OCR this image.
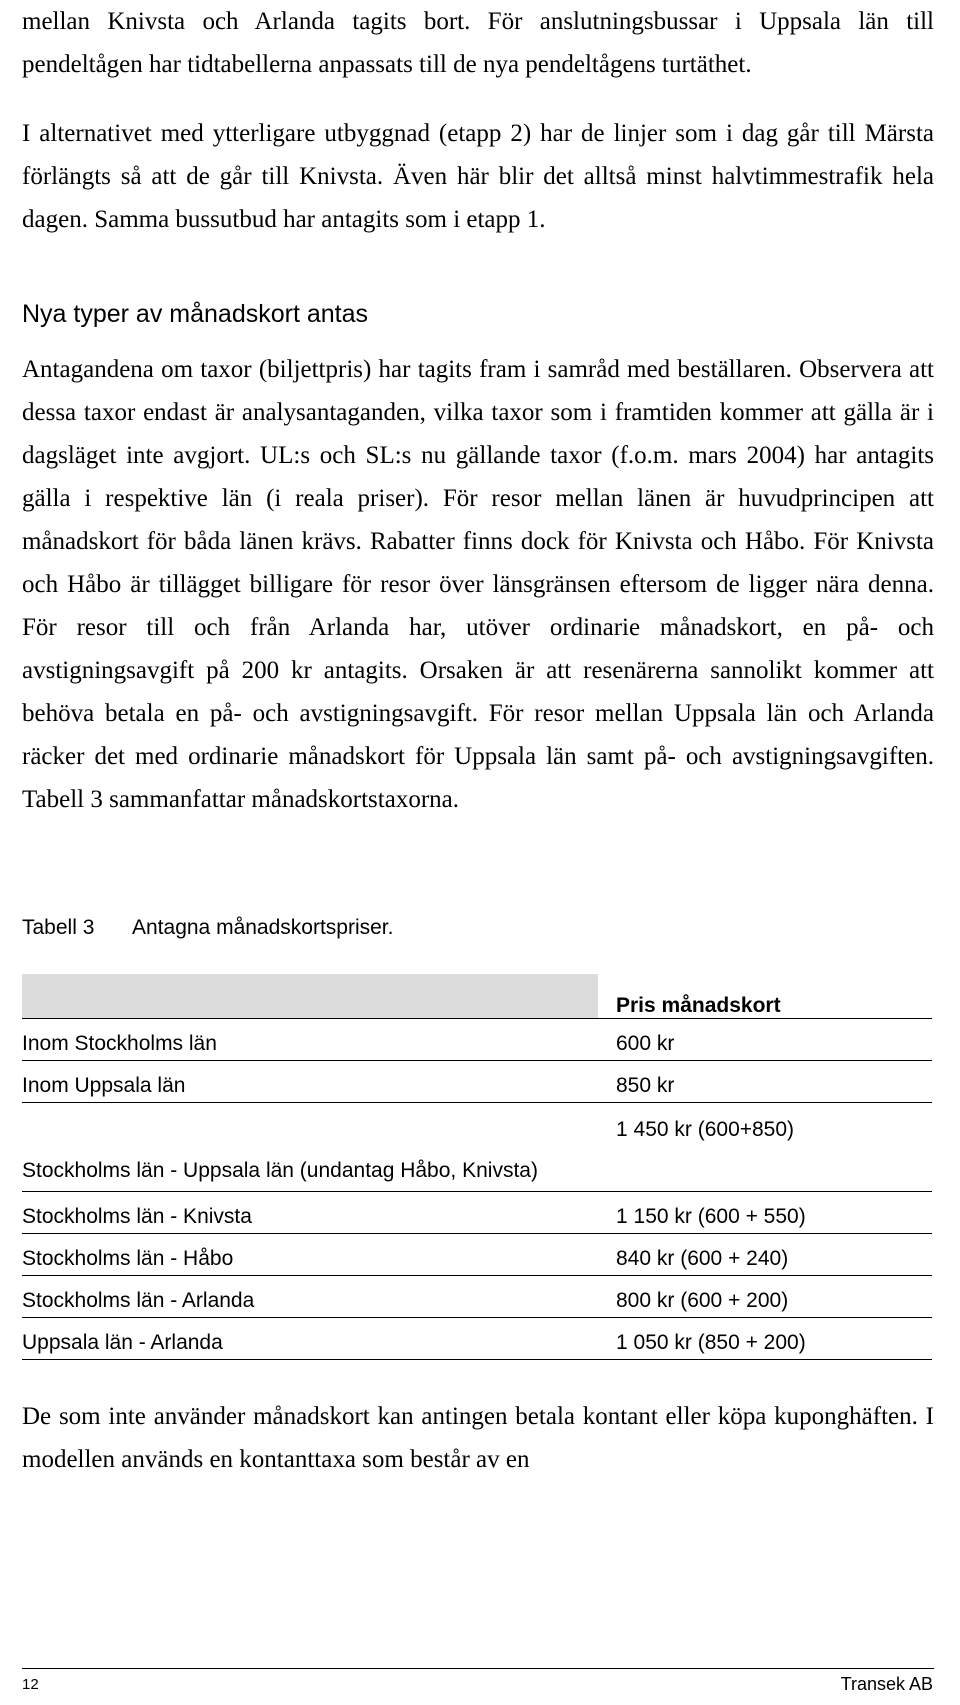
mellan Knivsta och Arlanda tagits bort. För anslutningsbussar i Uppsala län till pendeltågen har tidtabellerna anpassats till de nya pendeltågens turtäthet.

I alternativet med ytterligare utbyggnad (etapp 2) har de linjer som i dag går till Märsta förlängts så att de går till Knivsta. Även här blir det alltså minst halvtimmestrafik hela dagen. Samma bussutbud har antagits som i etapp 1.

Nya typer av månadskort antas

Antagandena om taxor (biljettpris) har tagits fram i samråd med beställaren. Observera att dessa taxor endast är analysantaganden, vilka taxor som i framtiden kommer att gälla är i dagsläget inte avgjort. UL:s och SL:s nu gällande taxor (f.o.m. mars 2004) har antagits gälla i respektive län (i reala priser). För resor mellan länen är huvudprincipen att månadskort för båda länen krävs. Rabatter finns dock för Knivsta och Håbo. För Knivsta och Håbo är tillägget billigare för resor över länsgränsen eftersom de ligger nära denna. För resor till och från Arlanda har, utöver ordinarie månadskort, en på- och avstigningsavgift på 200 kr antagits. Orsaken är att resenärerna sannolikt kommer att behöva betala en på- och avstigningsavgift. För resor mellan Uppsala län och Arlanda räcker det med ordinarie månadskort för Uppsala län samt på- och avstigningsavgiften. Tabell 3 sammanfattar månadskortstaxorna.

Tabell 3 Antagna månadskortspriser.
	Pris månadskort
Inom Stockholms län	600 kr
Inom Uppsala län	850 kr
Stockholms län - Uppsala län (undantag Håbo, Knivsta)	1 450 kr (600+850)
Stockholms län - Knivsta	1 150 kr (600 + 550)
Stockholms län - Håbo	840 kr (600 + 240)
Stockholms län - Arlanda	800 kr (600 + 200)
Uppsala län - Arlanda	1 050 kr (850 + 200)

De som inte använder månadskort kan antingen betala kontant eller köpa kuponghäften. I modellen används en kontanttaxa som består av en

12	Transek AB
